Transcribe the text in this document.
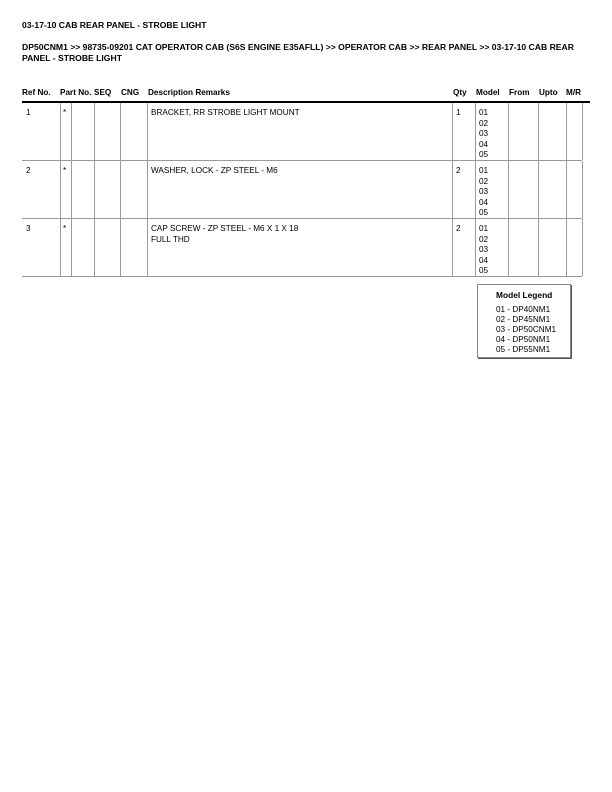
03-17-10 CAB REAR PANEL - STROBE LIGHT
DP50CNM1 >> 98735-09201 CAT OPERATOR CAB (S6S ENGINE E35AFLL) >> OPERATOR CAB >> REAR PANEL >> 03-17-10 CAB REAR PANEL - STROBE LIGHT
Ref No. Part No. SEQ CNG Description Remarks	Qty Model From Upto M/R
1	*	BRACKET, RR STROBE LIGHT MOUNT	1 01
02
03
04
05
2	*	WASHER, LOCK - ZP STEEL - M6	2 01
02
03
04
05
3	*	CAP SCREW - ZP STEEL - M6 X 1 X 18 FULL THD
2 01
02
03
04
05
Model Legend
01 - DP40NM1
02 - DP45NM1
03 - DP50CNM1
04 - DP50NM1
05 - DP55NM1
